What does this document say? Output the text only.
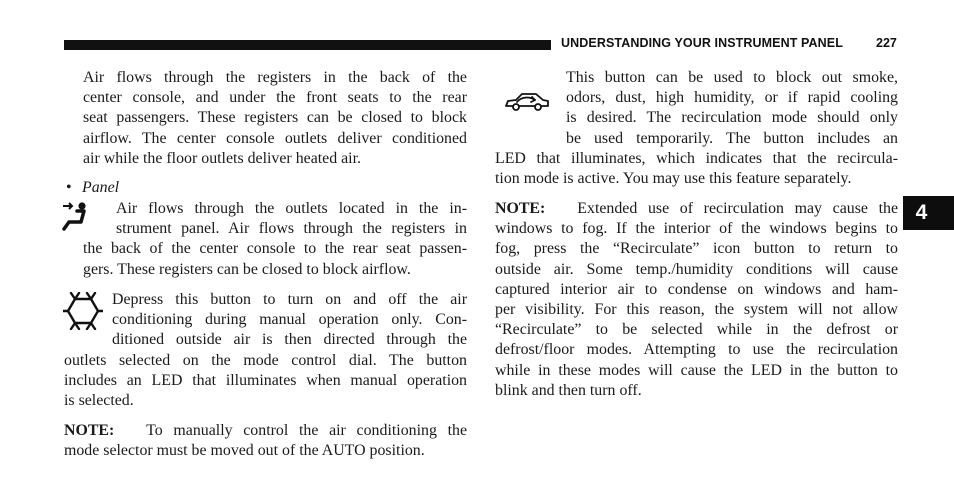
UNDERSTANDING YOUR INSTRUMENT PANEL	227
4
Air flows through the registers in the back of the
center console, and under the front seats to the rear
seat passengers. These registers can be closed to block
airflow. The center console outlets deliver conditioned
air while the floor outlets deliver heated air.
• Panel
Air flows through the outlets located in the in-
strument panel. Air flows through the registers in
the back of the center console to the rear seat passen-
gers. These registers can be closed to block airflow.
Depress this button to turn on and off the air
conditioning during manual operation only. Con-
ditioned outside air is then directed through the
outlets selected on the mode control dial. The button
includes an LED that illuminates when manual operation
is selected.
NOTE: To manually control the air conditioning the
mode selector must be moved out of the AUTO position.
This button can be used to block out smoke,
odors, dust, high humidity, or if rapid cooling
is desired. The recirculation mode should only
be used temporarily. The button includes an
LED that illuminates, which indicates that the recircula-
tion mode is active. You may use this feature separately.
NOTE: Extended use of recirculation may cause the
windows to fog. If the interior of the windows begins to
fog, press the “Recirculate” icon button to return to
outside air. Some temp./humidity conditions will cause
captured interior air to condense on windows and ham-
per visibility. For this reason, the system will not allow
“Recirculate” to be selected while in the defrost or
defrost/floor modes. Attempting to use the recirculation
while in these modes will cause the LED in the button to
blink and then turn off.
